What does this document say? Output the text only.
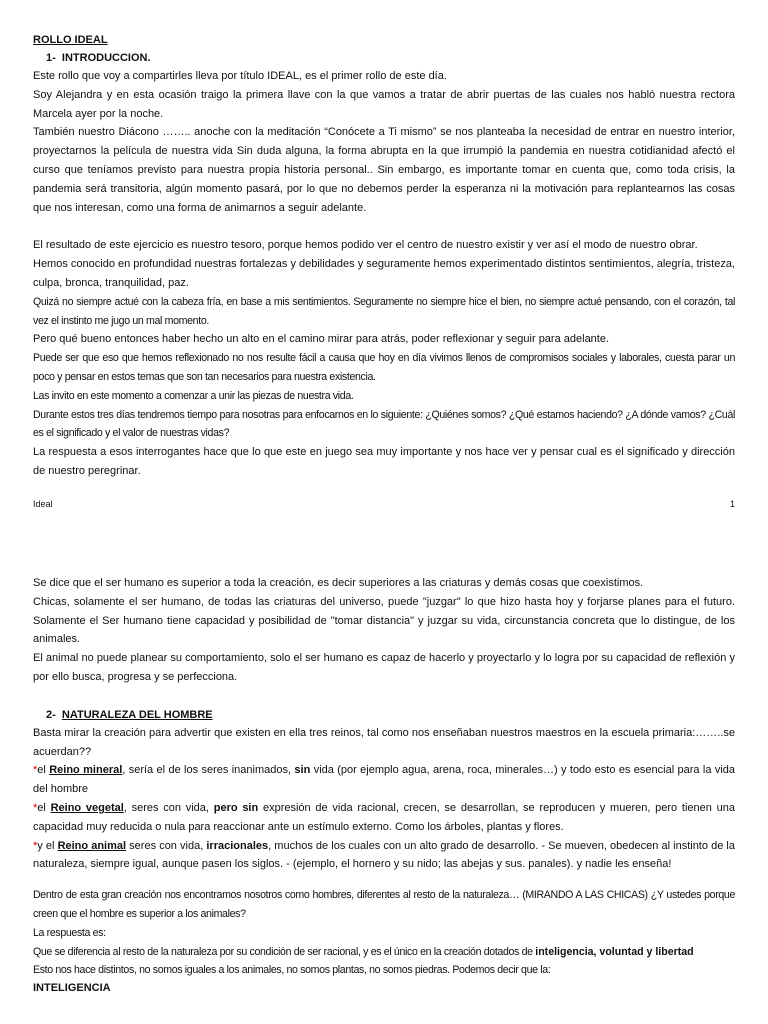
ROLLO IDEAL
1- INTRODUCCION.

Este rollo que voy a compartirles lleva por título IDEAL, es el primer rollo de este día.

Soy Alejandra y en esta ocasión traigo la primera llave con la que vamos a tratar de abrir puertas de las cuales nos habló nuestra rectora Marcela ayer por la noche.

También nuestro Diácono …….. anoche con la meditación “Conócete a Ti mismo” se nos planteaba la necesidad de entrar en nuestro interior, proyectarnos la película de nuestra vida Sin duda alguna, la forma abrupta en la que irrumpió la pandemia en nuestra cotidianidad afectó el curso que teníamos previsto para nuestra propia historia personal.. Sin embargo, es importante tomar en cuenta que, como toda crisis, la pandemia será transitoria, algún momento pasará, por lo que no debemos perder la esperanza ni la motivación para replantearnos las cosas que nos interesan, como una forma de animarnos a seguir adelante.

El resultado de este ejercicio es nuestro tesoro, porque hemos podido ver el centro de nuestro existir y ver así el modo de nuestro obrar.

Hemos conocido en profundidad nuestras fortalezas y debilidades y seguramente hemos experimentado distintos sentimientos, alegría, tristeza, culpa, bronca, tranquilidad, paz.

Quizá no siempre actué con la cabeza fría, en base a mis sentimientos. Seguramente no siempre hice el bien, no siempre actué pensando, con el corazón, tal vez el instinto me jugo un mal momento.

Pero qué bueno entonces haber hecho un alto en el camino mirar para atrás, poder reflexionar y seguir para adelante.

Puede ser que eso que hemos reflexionado no nos resulte fácil a causa que hoy en día vivimos llenos de compromisos sociales y laborales, cuesta parar un poco y pensar en estos temas que son tan necesarios para nuestra existencia.

Las invito en este momento a comenzar a unir las piezas de nuestra vida.

Durante estos tres días tendremos tiempo para nosotras para enfocarnos en lo siguiente: ¿Quiénes somos? ¿Qué estamos haciendo? ¿A dónde vamos? ¿Cuál es el significado y el valor de nuestras vidas?

La respuesta a esos interrogantes hace que lo que este en juego sea muy importante y nos hace ver y pensar cual es el significado y dirección de nuestro peregrinar.

Ideal	1

Se dice que el ser humano es superior a toda la creación, es decir superiores a las criaturas y demás cosas que coexistimos.

Chicas, solamente el ser humano, de todas las criaturas del universo, puede "juzgar" lo que hizo hasta hoy y forjarse planes para el futuro. Solamente el Ser humano tiene capacidad y posibilidad de "tomar distancia" y juzgar su vida, circunstancia concreta que lo distingue, de los animales.

El animal no puede planear su comportamiento, solo el ser humano es capaz de hacerlo y proyectarlo y lo logra por su capacidad de reflexión y por ello busca, progresa y se perfecciona.

2- NATURALEZA DEL HOMBRE

Basta mirar la creación para advertir que existen en ella tres reinos, tal como nos enseñaban nuestros maestros en la escuela primaria:……..se acuerdan??

*el Reino mineral, sería el de los seres inanimados, sin vida (por ejemplo agua, arena, roca, minerales…) y todo esto es esencial para la vida del hombre

*el Reino vegetal, seres con vida, pero sin expresión de vida racional, crecen, se desarrollan, se reproducen y mueren, pero tienen una capacidad muy reducida o nula para reaccionar ante un estímulo externo. Como los árboles, plantas y flores.

*y el Reino animal seres con vida, irracionales, muchos de los cuales con un alto grado de desarrollo. - Se mueven, obedecen al instinto de la naturaleza, siempre igual, aunque pasen los siglos. - (ejemplo, el hornero y su nido; las abejas y sus. panales). y nadie les enseña!

Dentro de esta gran creación nos encontramos nosotros como hombres, diferentes al resto de la naturaleza… (MIRANDO A LAS CHICAS) ¿Y ustedes porque creen que el hombre es superior a los animales?

La respuesta es:

Que se diferencia al resto de la naturaleza por su condición de ser racional, y es el único en la creación dotados de inteligencia, voluntad y libertad

Esto nos hace distintos, no somos iguales a los animales, no somos plantas, no somos piedras. Podemos decir que la:

INTELIGENCIA
